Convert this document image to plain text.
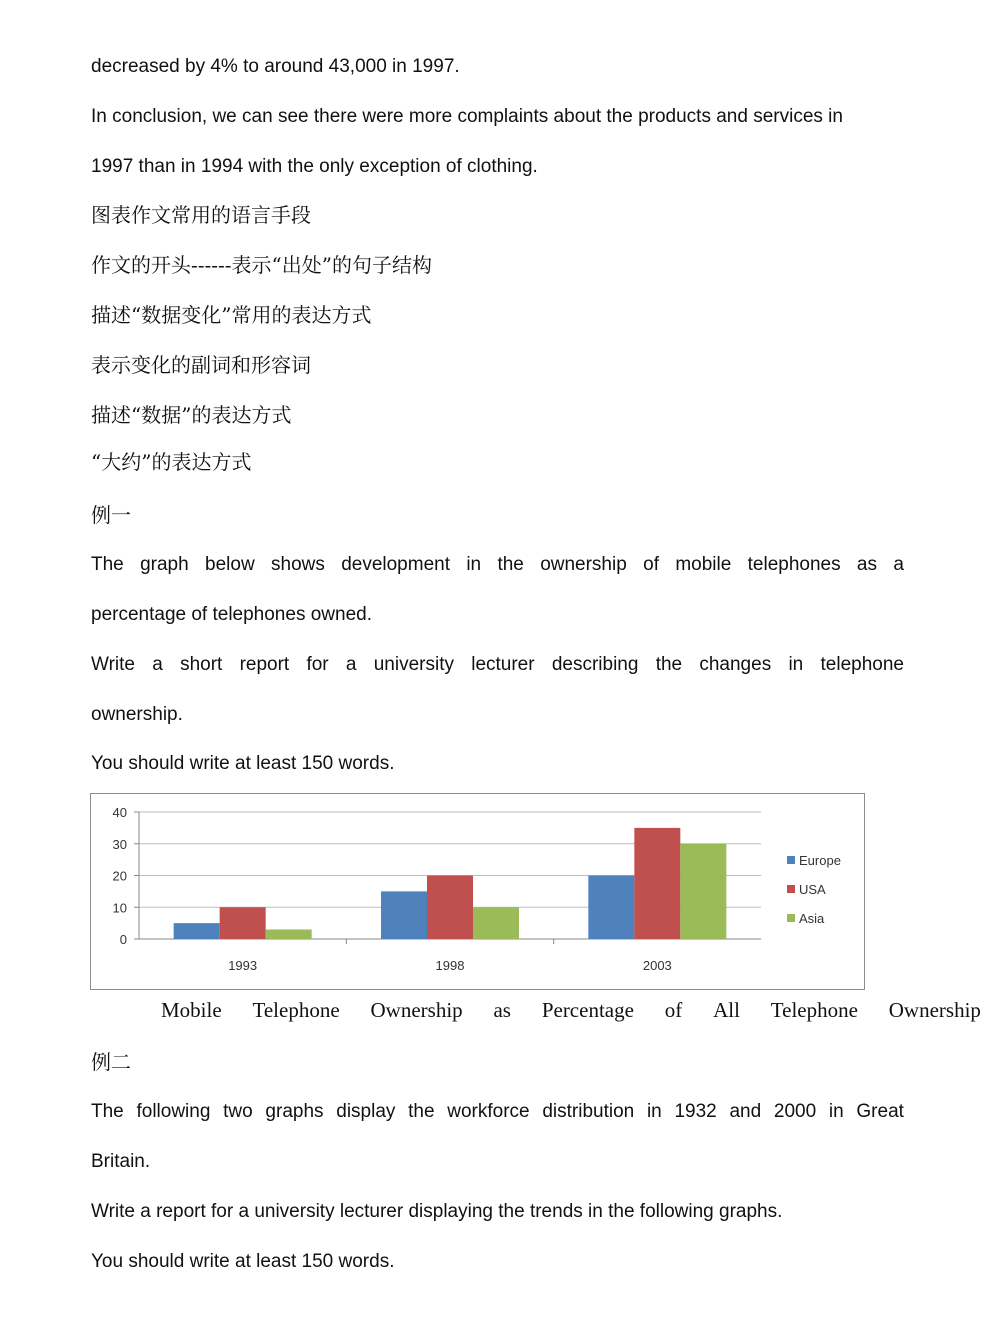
decreased by 4% to around 43,000 in 1997.
In conclusion, we can see there were more complaints about the products and services in
1997 than in 1994 with the only exception of clothing.
图表作文常用的语言手段
作文的开头------表示“出处”的句子结构
描述“数据变化”常用的表达方式
表示变化的副词和形容词
描述“数据”的表达方式
“大约”的表达方式
例一
The graph below shows development in the ownership of mobile telephones as a
percentage of telephones owned.
Write a short report for a university lecturer describing the changes in telephone
ownership.
You should write at least 150 words.
0
10
20
30
40
1993	1998	2003
Europe
USA
Asia
Mobile Telephone Ownership as Percentage of All Telephone Ownership
例二
The following two graphs display the workforce distribution in 1932 and 2000 in Great
Britain.
Write a report for a university lecturer displaying the trends in the following graphs.
You should write at least 150 words.
